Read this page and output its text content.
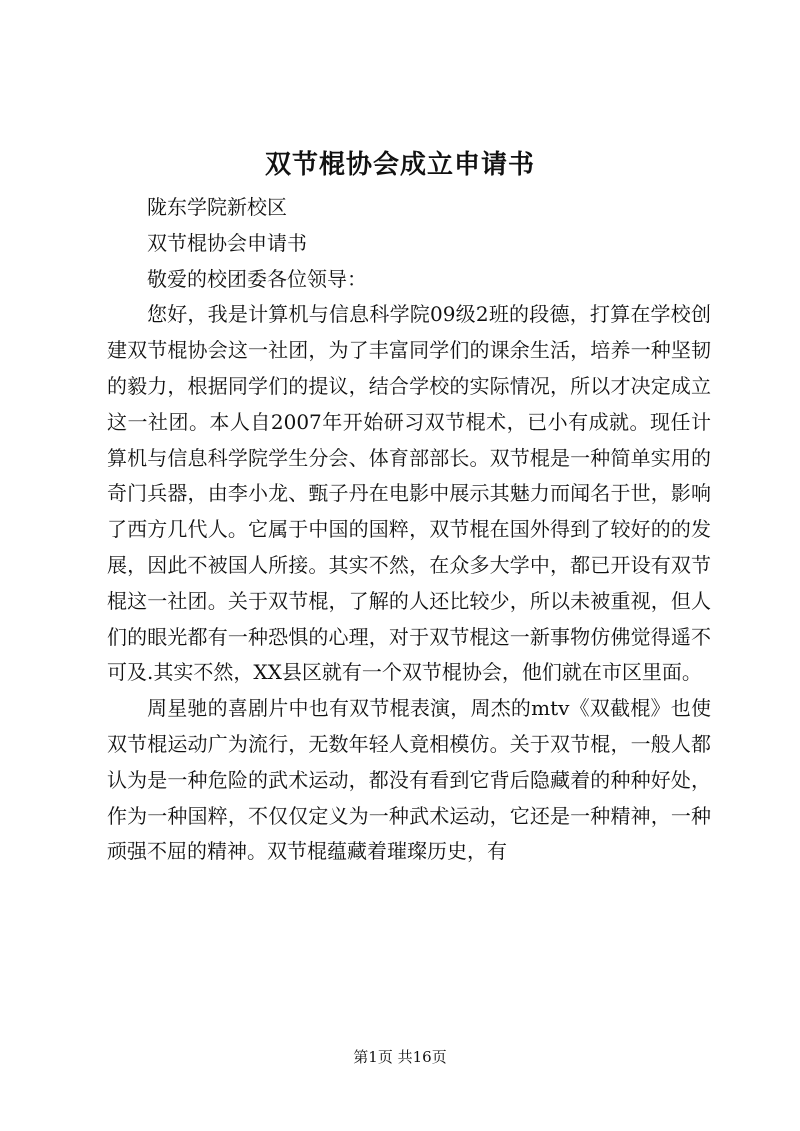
双节棍协会成立申请书

陇东学院新校区

双节棍协会申请书

敬爱的校团委各位领导：

您好，我是计算机与信息科学院09级2班的段德，打算在学校创建双节棍协会这一社团，为了丰富同学们的课余生活，培养一种坚韧的毅力，根据同学们的提议，结合学校的实际情况，所以才决定成立这一社团。本人自2007年开始研习双节棍术，已小有成就。现任计算机与信息科学院学生分会、体育部部长。双节棍是一种简单实用的奇门兵器，由李小龙、甄子丹在电影中展示其魅力而闻名于世，影响了西方几代人。它属于中国的国粹，双节棍在国外得到了较好的的发展，因此不被国人所接。其实不然，在众多大学中，都已开设有双节棍这一社团。关于双节棍，了解的人还比较少，所以未被重视，但人们的眼光都有一种恐惧的心理，对于双节棍这一新事物仿佛觉得遥不可及.其实不然，XX县区就有一个双节棍协会，他们就在市区里面。

周星驰的喜剧片中也有双节棍表演，周杰的mtv《双截棍》也使双节棍运动广为流行，无数年轻人竟相模仿。关于双节棍，一般人都认为是一种危险的武术运动，都没有看到它背后隐藏着的种种好处，作为一种国粹，不仅仅定义为一种武术运动，它还是一种精神，一种顽强不屈的精神。双节棍蕴藏着璀璨历史，有

第1页 共16页
